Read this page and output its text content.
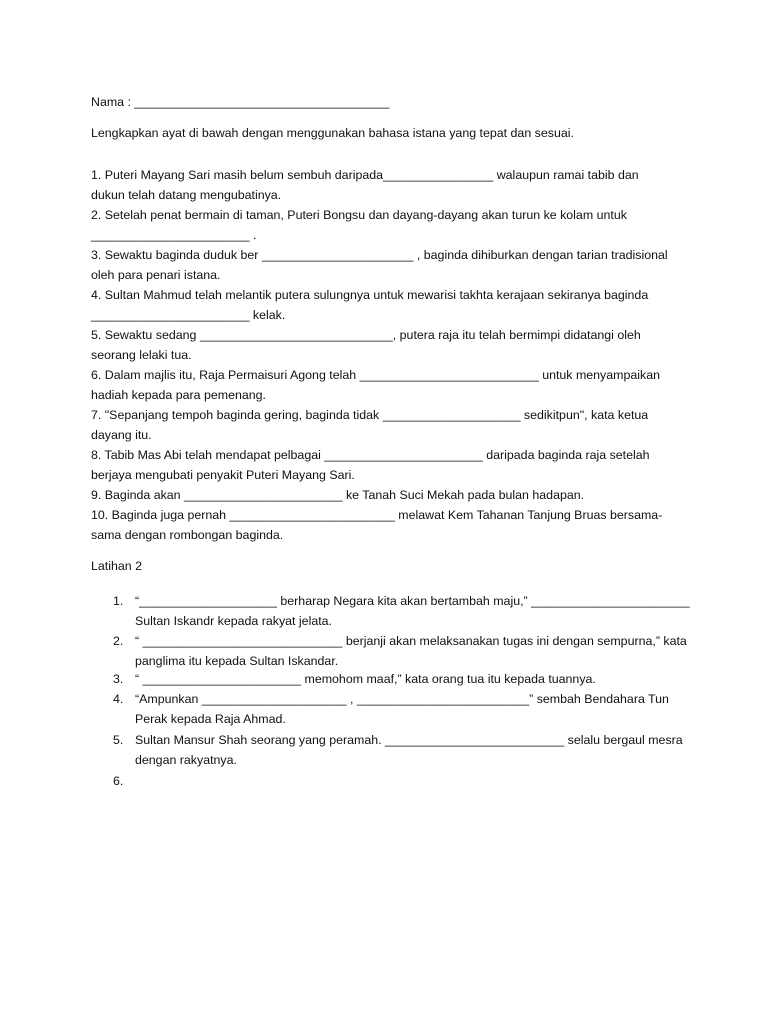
Nama : _____________________________________
Lengkapkan ayat di bawah dengan menggunakan bahasa istana yang tepat dan sesuai.
1. Puteri Mayang Sari masih belum sembuh daripada________________ walaupun ramai tabib dan
dukun telah datang mengubatinya.
2. Setelah penat bermain di taman, Puteri Bongsu dan dayang-dayang akan turun ke kolam untuk
_______________________ .
3. Sewaktu baginda duduk ber ______________________ , baginda dihiburkan dengan tarian tradisional
oleh para penari istana.
4. Sultan Mahmud telah melantik putera sulungnya untuk mewarisi takhta kerajaan sekiranya baginda
_______________________ kelak.
5. Sewaktu sedang ____________________________, putera raja itu telah bermimpi didatangi oleh
seorang lelaki tua.
6. Dalam majlis itu, Raja Permaisuri Agong telah __________________________ untuk menyampaikan
hadiah kepada para pemenang.
7. "Sepanjang tempoh baginda gering, baginda tidak ____________________ sedikitpun", kata ketua
dayang itu.
8. Tabib Mas Abi telah mendapat pelbagai _______________________ daripada baginda raja setelah
berjaya mengubati penyakit Puteri Mayang Sari.
9. Baginda akan _______________________ ke Tanah Suci Mekah pada bulan hadapan.
10. Baginda juga pernah ________________________ melawat Kem Tahanan Tanjung Bruas bersama-
sama dengan rombongan baginda.
Latihan 2
1. “____________________ berharap Negara kita akan bertambah maju,” _______________________
Sultan Iskandr kepada rakyat jelata.
2. “ _____________________________ berjanji akan melaksanakan tugas ini dengan sempurna,” kata
panglima itu kepada Sultan Iskandar.
3. “ _______________________ memohom maaf,” kata orang tua itu kepada tuannya.
4. “Ampunkan _____________________ , _________________________” sembah Bendahara Tun
Perak kepada Raja Ahmad.
5. Sultan Mansur Shah seorang yang peramah. __________________________ selalu bergaul mesra
dengan rakyatnya.
6.
